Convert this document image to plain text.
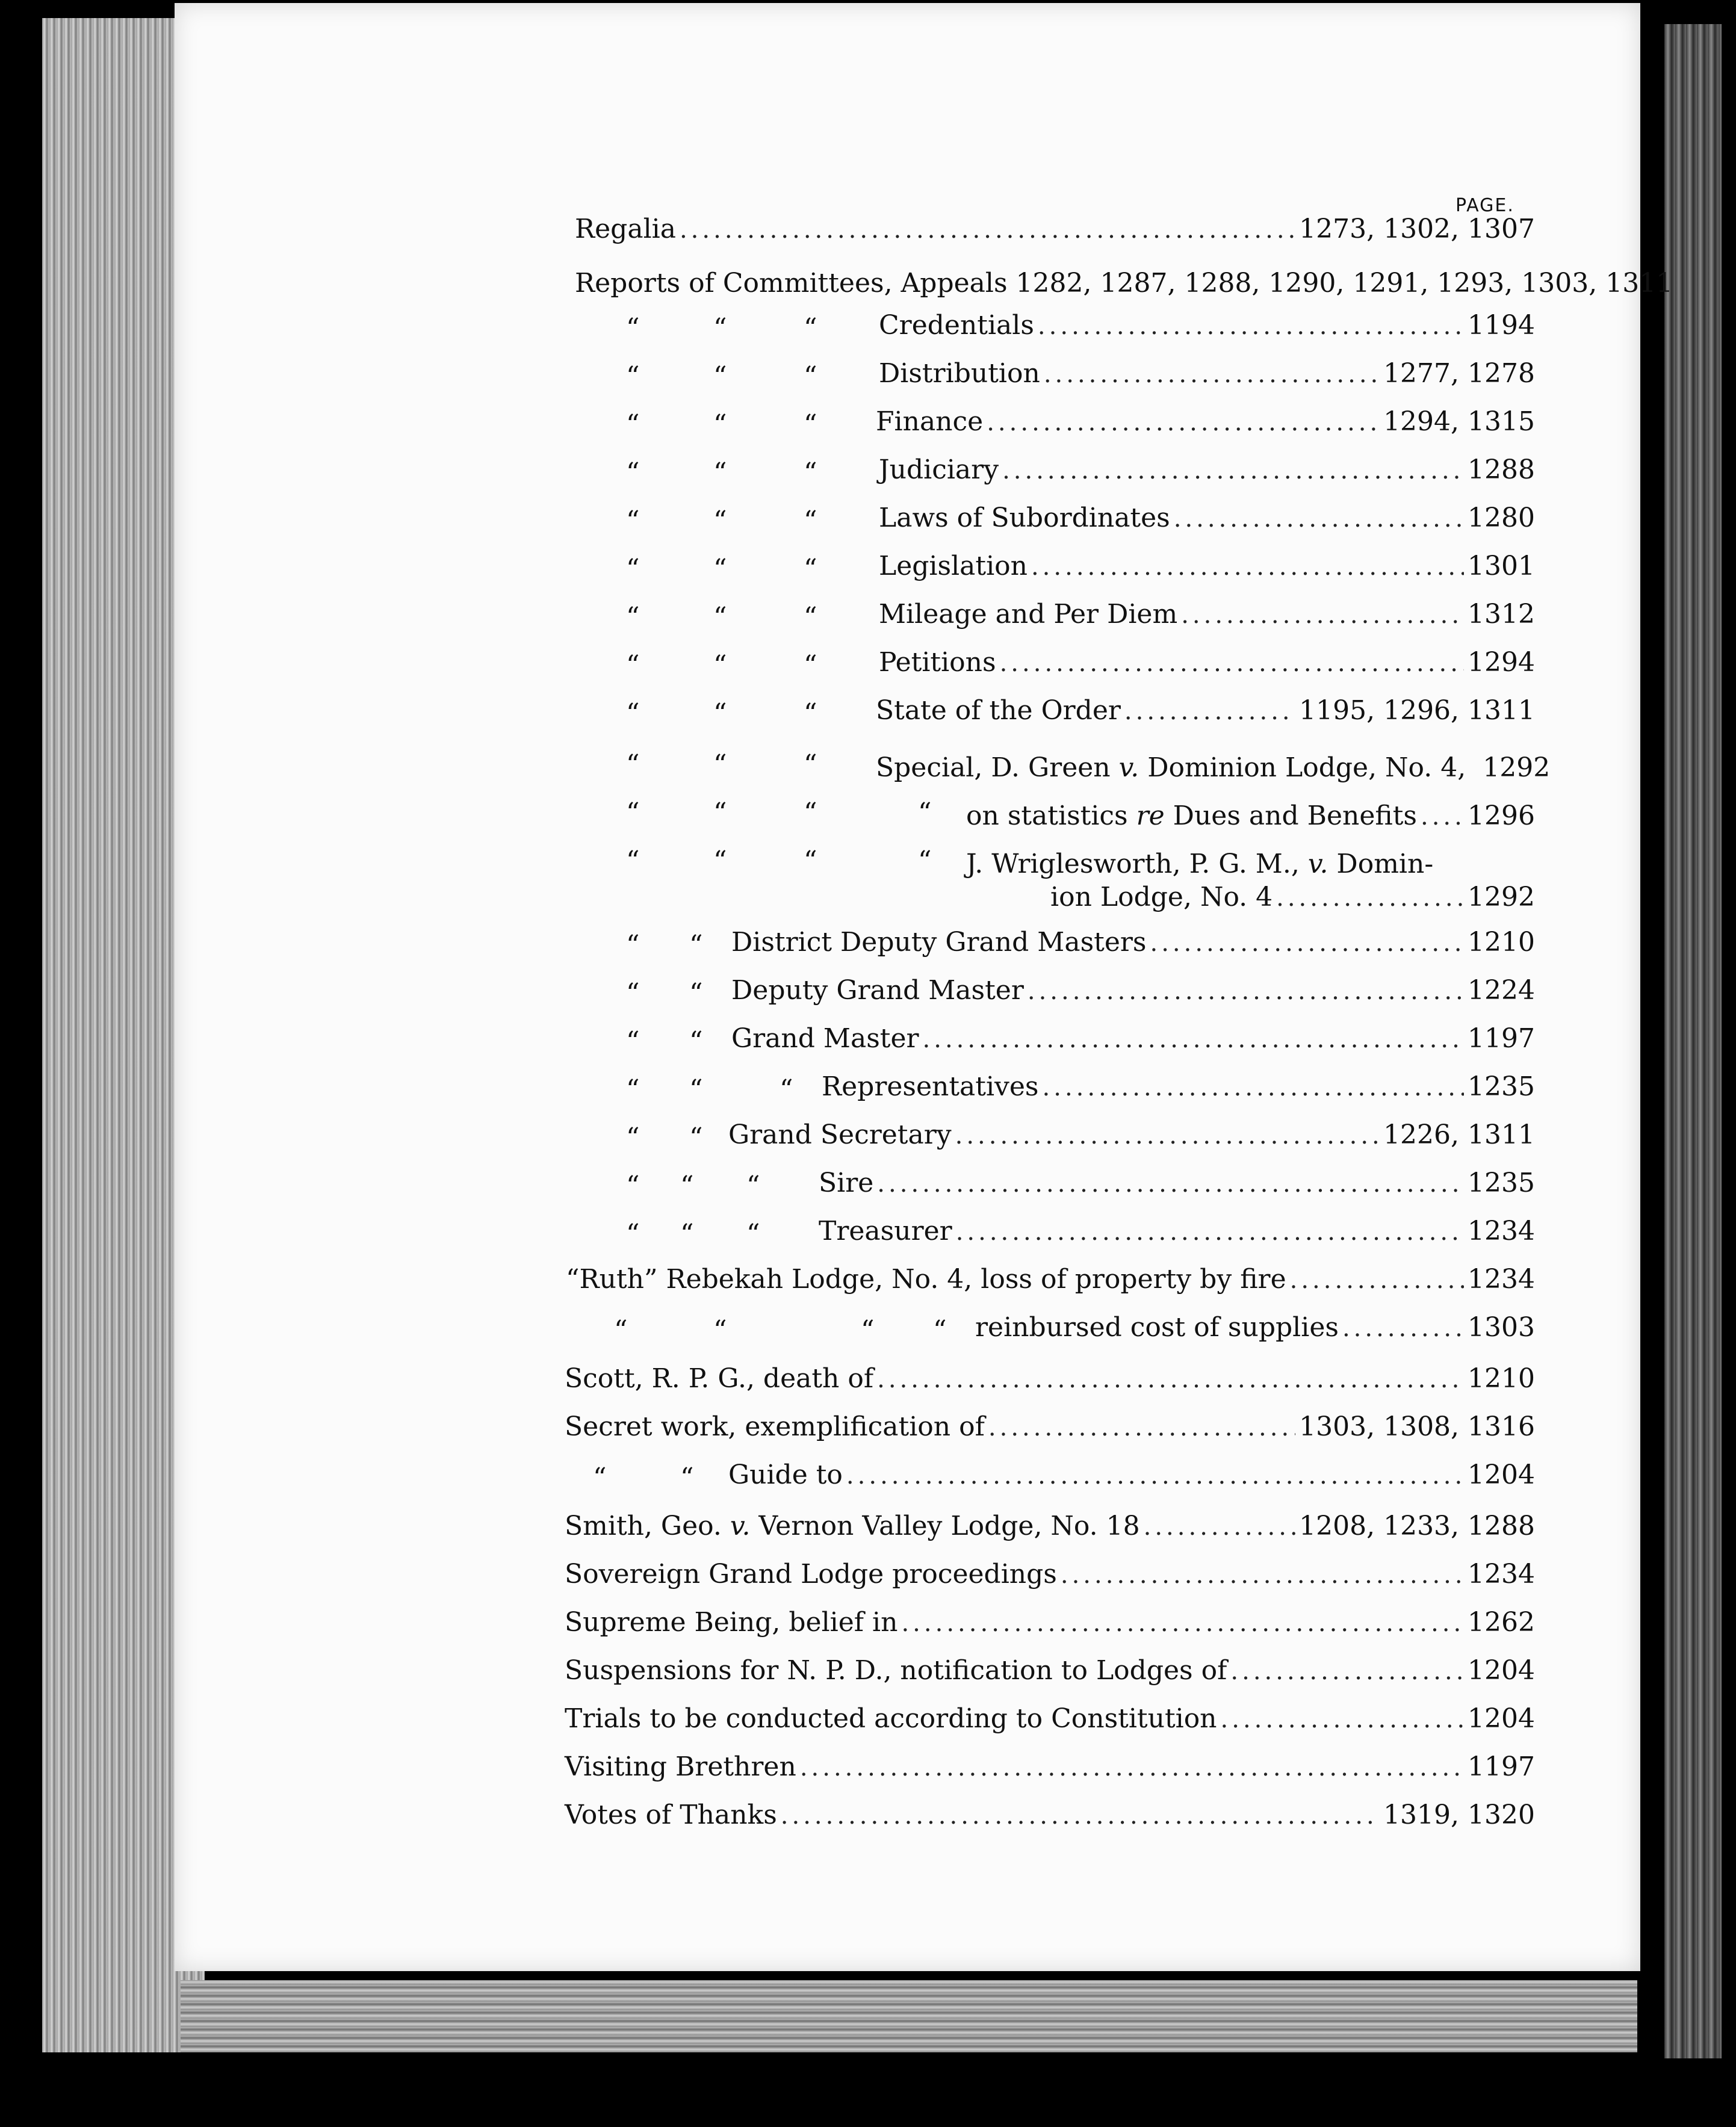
PAGE.
Regalia .....	1273, 1302, 1307
Reports of Committees, Appeals 1282, 1287, 1288, 1290, 1291, 1293, 1303, 1311
“	“	“ Credentials .....	1194
“	“	“ Distribution .....	1277, 1278
“	“	“ Finance .....	1294, 1315
“	“	“ Judiciary .....	1288
“	“	“ Laws of Subordinates .....	1280
“	“	“ Legislation .....	1301
“	“	“ Mileage and Per Diem .....	1312
“	“	“ Petitions .....	1294
“	“	“ State of the Order .....	1195, 1296, 1311
“	“	“ Special, D. Green v. Dominion Lodge, No. 4, 1292
“	“	“	“ on statistics re Dues and Benefits ..... 1296
“	“	“	“ J. Wriglesworth, P. G. M., v. Domin-
ion Lodge, No. 4 .....	1292
“ “ District Deputy Grand Masters .....	1210
“ “ Deputy Grand Master .....	1224
“ “ Grand Master .....	1197
“ “	“ Representatives .....	1235
“ “ Grand Secretary .....	1226, 1311
“ “ “ Sire .....	1235
“ “ “ Treasurer .....	1234
“Ruth” Rebekah Lodge, No. 4, loss of property by fire .....	1234
“	“	“ “ reinbursed cost of supplies .....	1303
Scott, R. P. G., death of .....	1210
Secret work, exemplification of .....	1303, 1308, 1316
“	“ Guide to .....	1204
Smith, Geo. v. Vernon Valley Lodge, No. 18 .....	1208, 1233, 1288
Sovereign Grand Lodge proceedings .....	1234
Supreme Being, belief in .....	1262
Suspensions for N. P. D., notification to Lodges of .....	1204
Trials to be conducted according to Constitution .....	1204
Visiting Brethren .....	1197
Votes of Thanks .....	1319, 1320
